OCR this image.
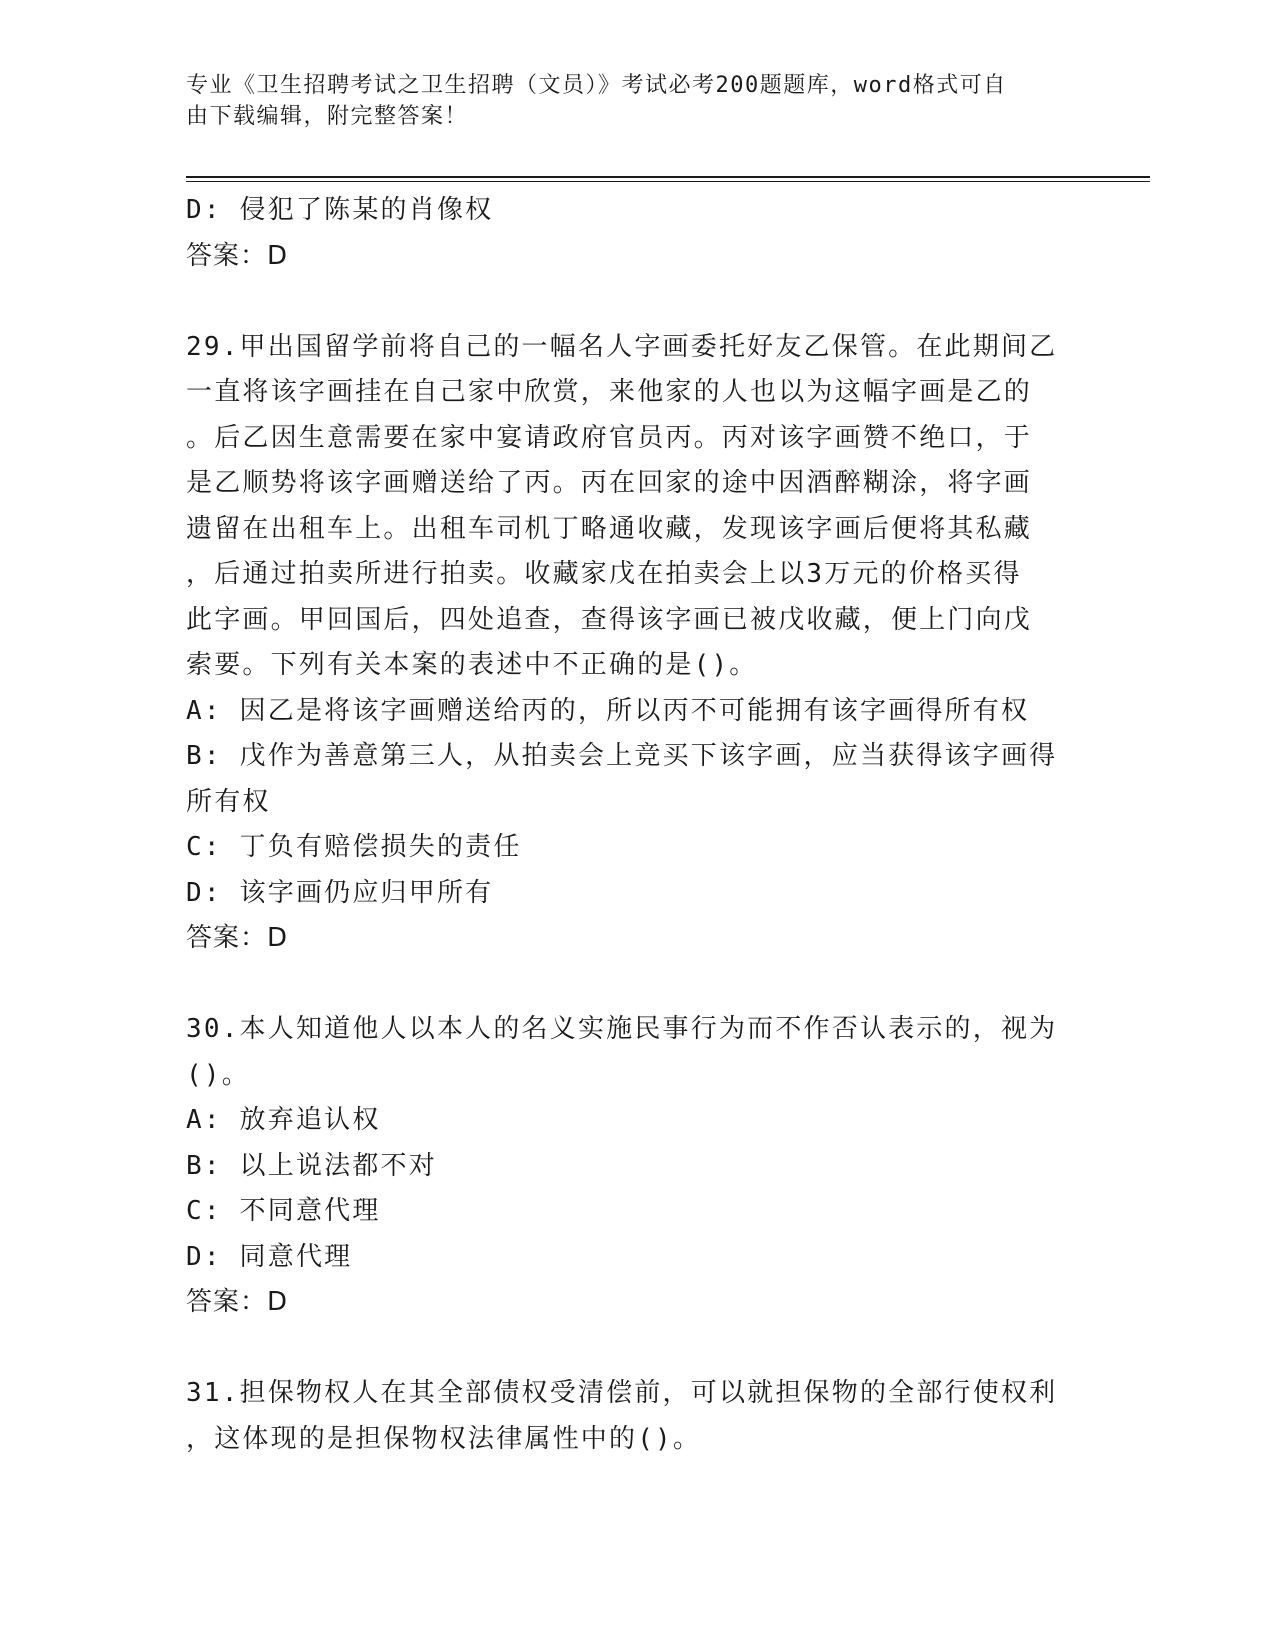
专业《卫生招聘考试之卫生招聘（文员）》考试必考200题题库，word格式可自
由下载编辑，附完整答案！
D: 侵犯了陈某的肖像权
答案：D
29.甲出国留学前将自己的一幅名人字画委托好友乙保管。在此期间乙
一直将该字画挂在自己家中欣赏，来他家的人也以为这幅字画是乙的
。后乙因生意需要在家中宴请政府官员丙。丙对该字画赞不绝口，于
是乙顺势将该字画赠送给了丙。丙在回家的途中因酒醉糊涂，将字画
遗留在出租车上。出租车司机丁略通收藏，发现该字画后便将其私藏
，后通过拍卖所进行拍卖。收藏家戊在拍卖会上以3万元的价格买得
此字画。甲回国后，四处追查，查得该字画已被戊收藏，便上门向戊
索要。下列有关本案的表述中不正确的是()。
A: 因乙是将该字画赠送给丙的，所以丙不可能拥有该字画得所有权
B: 戊作为善意第三人，从拍卖会上竞买下该字画，应当获得该字画得
所有权
C: 丁负有赔偿损失的责任
D: 该字画仍应归甲所有
答案：D
30.本人知道他人以本人的名义实施民事行为而不作否认表示的，视为
()。
A: 放弃追认权
B: 以上说法都不对
C: 不同意代理
D: 同意代理
答案：D
31.担保物权人在其全部债权受清偿前，可以就担保物的全部行使权利
，这体现的是担保物权法律属性中的()。
